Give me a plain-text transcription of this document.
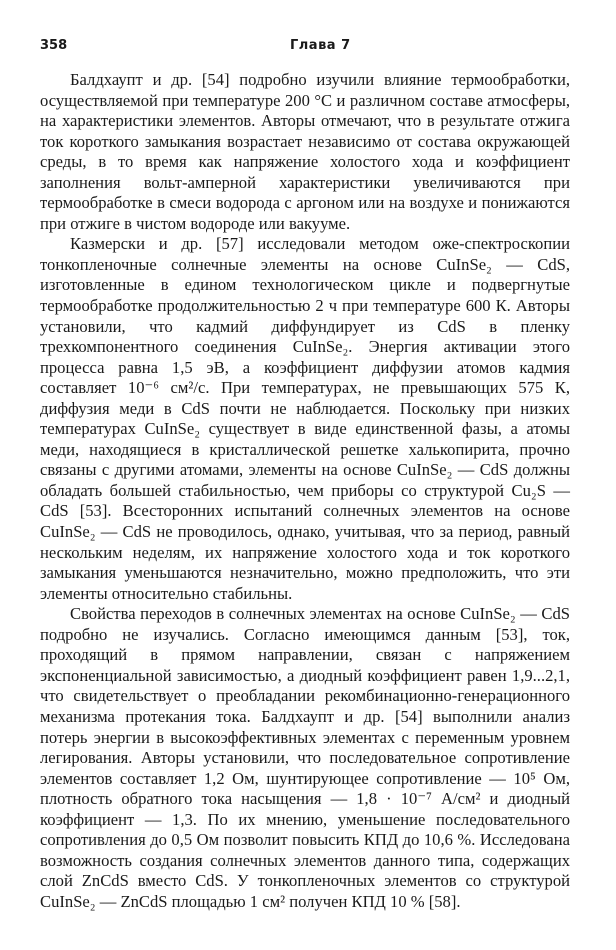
358	Глава 7

Балдхаупт и др. [54] подробно изучили влияние термообработки, осуществляемой при температуре 200 °С и различном составе атмосферы, на характеристики элементов. Авторы отмечают, что в результате отжига ток короткого замыкания возрастает независимо от состава окружающей среды, в то время как напряжение холостого хода и коэффициент заполнения вольт-амперной характеристики увеличиваются при термообработке в смеси водорода с аргоном или на воздухе и понижаются при отжиге в чистом водороде или вакууме.

Казмерски и др. [57] исследовали методом оже-спектроскопии тонкопленочные солнечные элементы на основе CuInSe₂ — CdS, изготовленные в едином технологическом цикле и подвергнутые термообработке продолжительностью 2 ч при температуре 600 К. Авторы установили, что кадмий диффундирует из CdS в пленку трехкомпонентного соединения CuInSe₂. Энергия активации этого процесса равна 1,5 эВ, а коэффициент диффузии атомов кадмия составляет 10⁻⁶ см²/с. При температурах, не превышающих 575 К, диффузия меди в CdS почти не наблюдается. Поскольку при низких температурах CuInSe₂ существует в виде единственной фазы, а атомы меди, находящиеся в кристаллической решетке халькопирита, прочно связаны с другими атомами, элементы на основе CuInSe₂ — CdS должны обладать большей стабильностью, чем приборы со структурой Cu₂S — CdS [53]. Всесторонних испытаний солнечных элементов на основе CuInSe₂ — CdS не проводилось, однако, учитывая, что за период, равный нескольким неделям, их напряжение холостого хода и ток короткого замыкания уменьшаются незначительно, можно предположить, что эти элементы относительно стабильны.

Свойства переходов в солнечных элементах на основе CuInSe₂ — CdS подробно не изучались. Согласно имеющимся данным [53], ток, проходящий в прямом направлении, связан с напряжением экспоненциальной зависимостью, а диодный коэффициент равен 1,9...2,1, что свидетельствует о преобладании рекомбинационно-генерационного механизма протекания тока. Балдхаупт и др. [54] выполнили анализ потерь энергии в высокоэффективных элементах с переменным уровнем легирования. Авторы установили, что последовательное сопротивление элементов составляет 1,2 Ом, шунтирующее сопротивление — 10⁵ Ом, плотность обратного тока насыщения — 1,8 · 10⁻⁷ А/см² и диодный коэффициент — 1,3. По их мнению, уменьшение последовательного сопротивления до 0,5 Ом позволит повысить КПД до 10,6 %. Исследована возможность создания солнечных элементов данного типа, содержащих слой ZnCdS вместо CdS. У тонкопленочных элементов со структурой CuInSe₂ — ZnCdS площадью 1 см² получен КПД 10 % [58].
